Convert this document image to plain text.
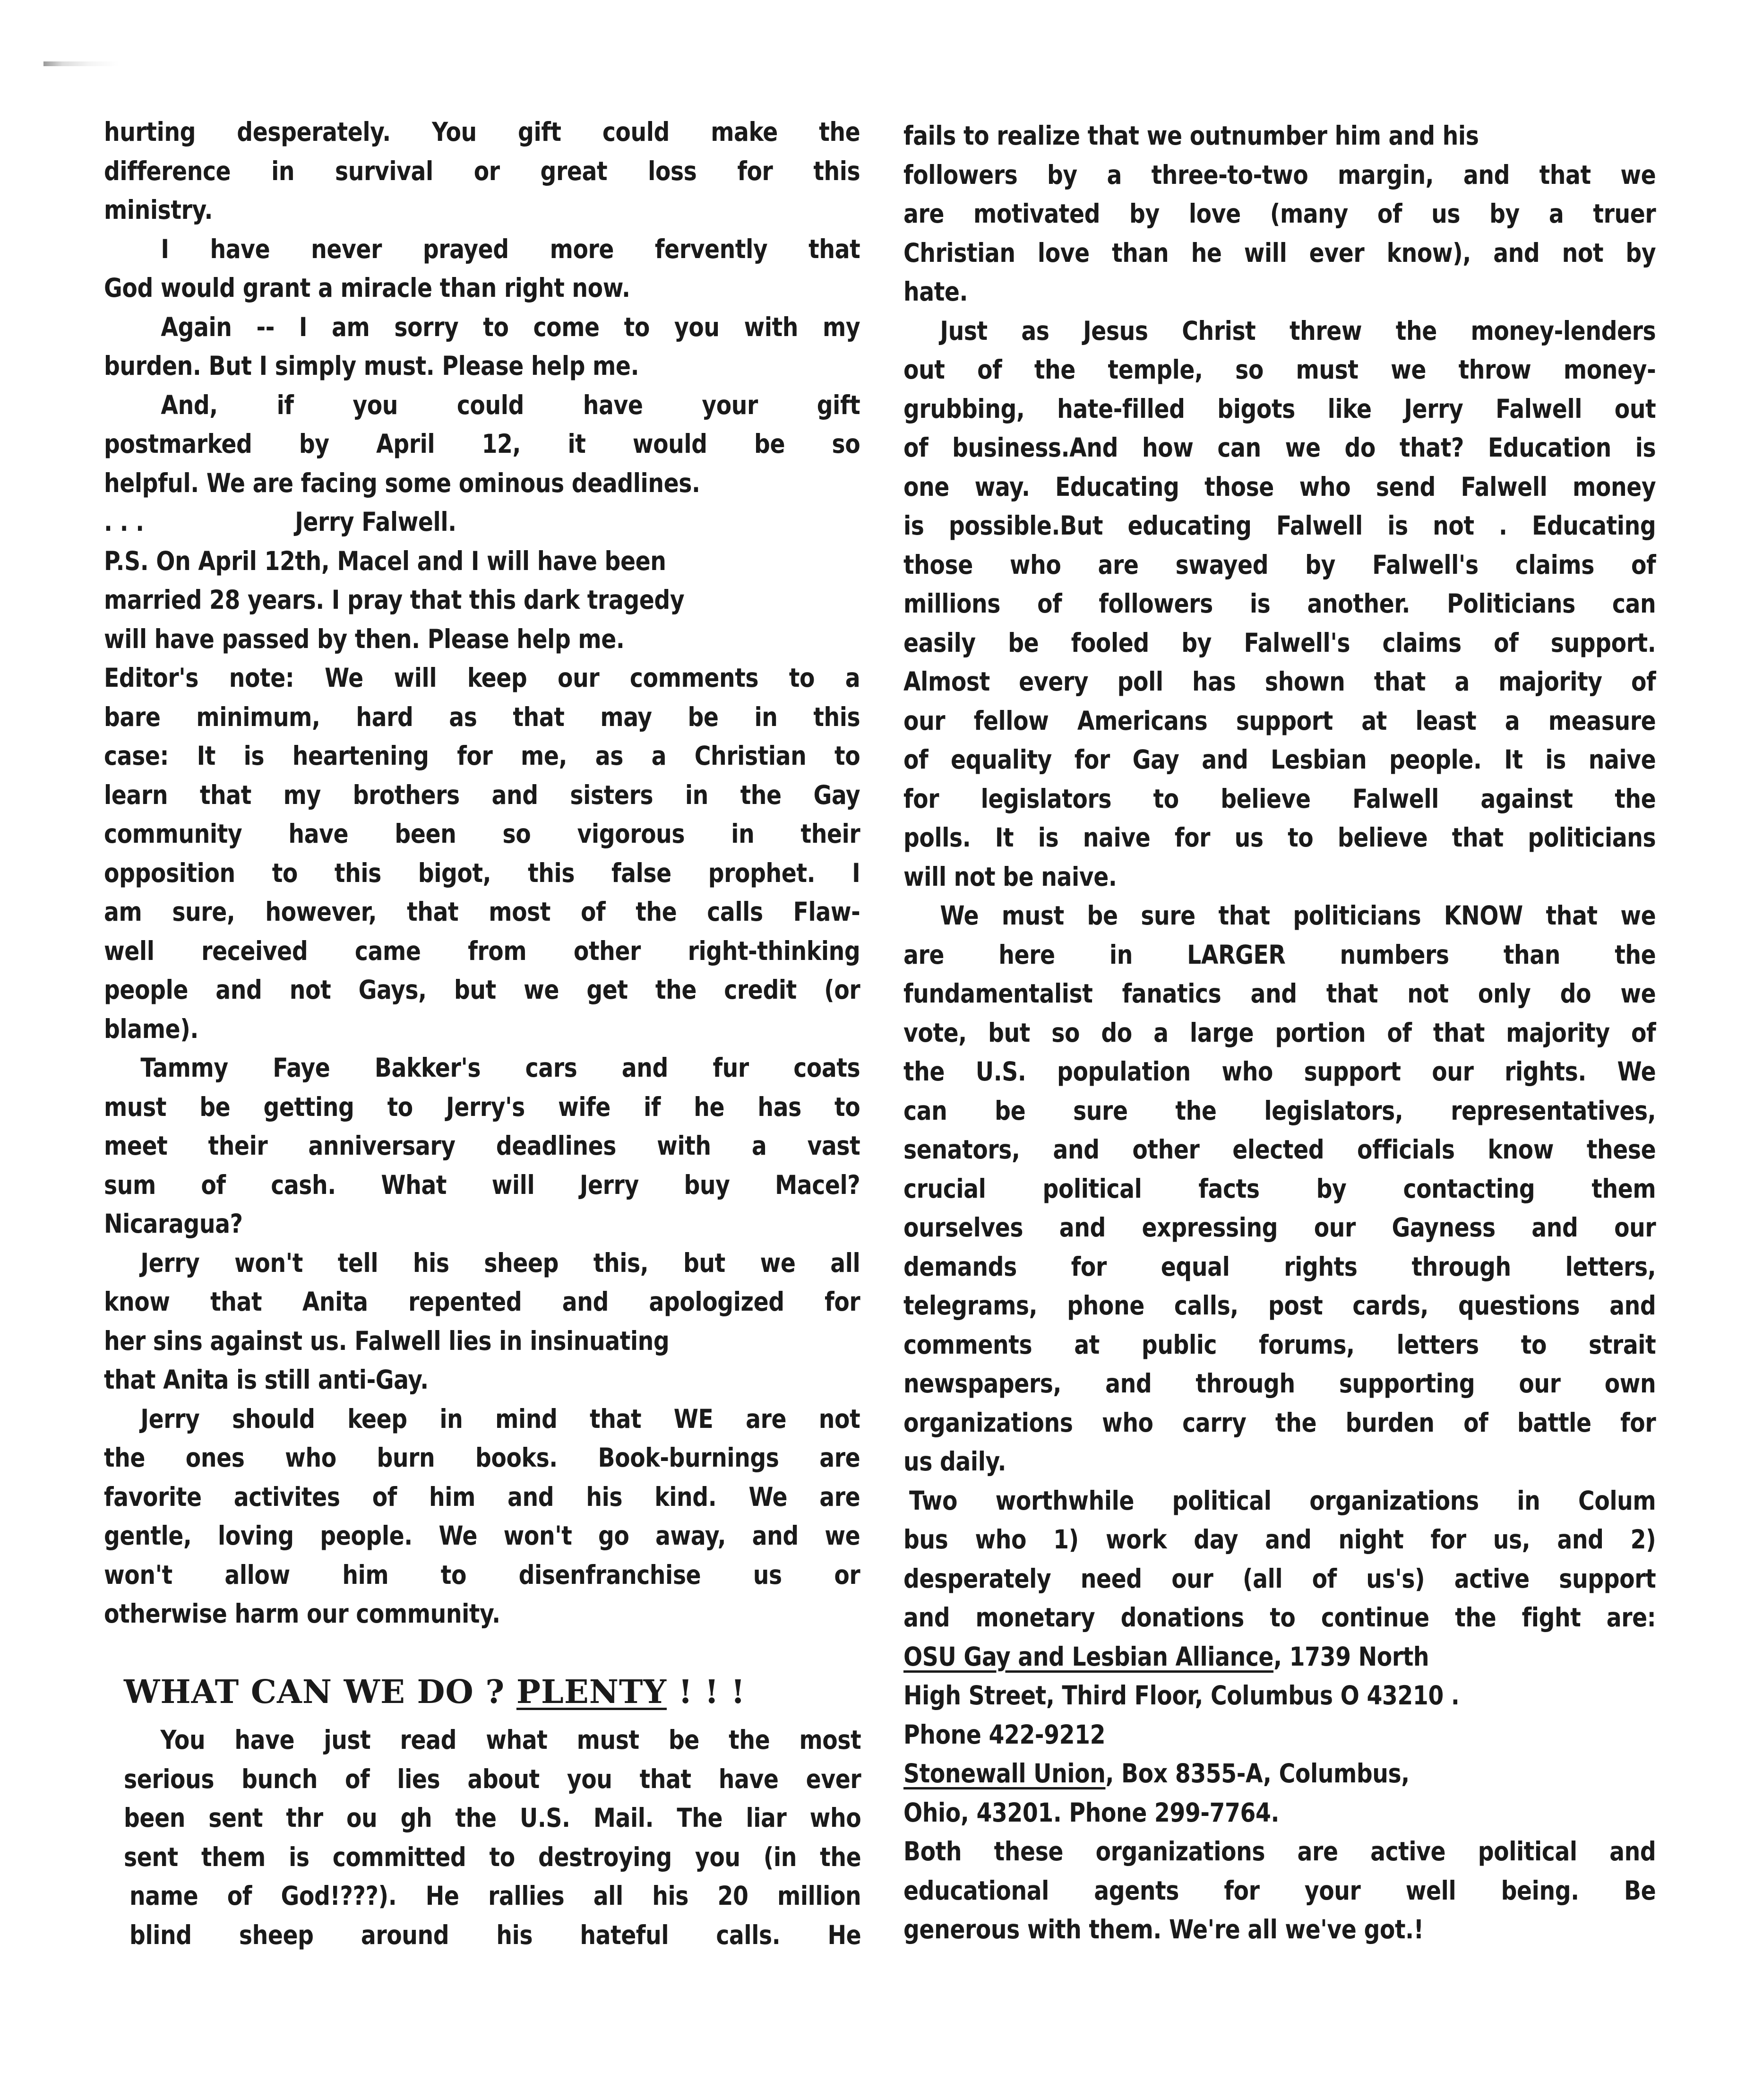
hurting desperately. You gift could make the
difference in survival or great loss for this
ministry.
I have never prayed more fervently that
God would grant a miracle than right now.
Again -- I am sorry to come to you with my
burden. But I simply must. Please help me.
And, if you could have your gift
postmarked by April 12, it would be so
helpful. We are facing some ominous deadlines.
. . .	Jerry Falwell.
P.S. On April 12th, Macel and I will have been
married 28 years. I pray that this dark tragedy
will have passed by then. Please help me.
Editor's note: We will keep our comments to a
bare minimum, hard as that may be in this
case: It is heartening for me, as a Christian to
learn that my brothers and sisters in the Gay
community have been so vigorous in their
opposition to this bigot, this false prophet. I
am sure, however, that most of the calls Flaw-
well received came from other right-thinking
people and not Gays, but we get the credit (or
blame).
Tammy Faye Bakker's cars and fur coats
must be getting to Jerry's wife if he has to
meet their anniversary deadlines with a vast
sum of cash. What will Jerry buy Macel?
Nicaragua?
Jerry won't tell his sheep this, but we all
know that Anita repented and apologized for
her sins against us. Falwell lies in insinuating
that Anita is still anti-Gay.
Jerry should keep in mind that WE are not
the ones who burn books. Book-burnings are
favorite activites of him and his kind. We are
gentle, loving people. We won't go away, and we
won't allow him to disenfranchise us or
otherwise harm our community.
WHAT CAN WE DO ? PLENTY ! ! !
You have just read what must be the most
serious bunch of lies about you that have ever
been sent thr ou gh the U.S. Mail. The liar who
sent them is committed to destroying you (in the
name of God!???). He rallies all his 20 million
blind sheep around his hateful calls. He
fails to realize that we outnumber him and his
followers by a three-to-two margin, and that we
are motivated by love (many of us by a truer
Christian love than he will ever know), and not by
hate.
Just as Jesus Christ threw the money-lenders
out of the temple, so must we throw money-
grubbing, hate-filled bigots like Jerry Falwell out
of business.And how can we do that? Education is
one way. Educating those who send Falwell money
is possible.But educating Falwell is not . Educating
those who are swayed by Falwell's claims of
millions of followers is another. Politicians can
easily be fooled by Falwell's claims of support.
Almost every poll has shown that a majority of
our fellow Americans support at least a measure
of equality for Gay and Lesbian people. It is naive
for legislators to believe Falwell against the
polls. It is naive for us to believe that politicians
will not be naive.
We must be sure that politicians KNOW that we
are here in LARGER numbers than the
fundamentalist fanatics and that not only do we
vote, but so do a large portion of that majority of
the U.S. population who support our rights. We
can be sure the legislators, representatives,
senators, and other elected officials know these
crucial political facts by contacting them
ourselves and expressing our Gayness and our
demands for equal rights through letters,
telegrams, phone calls, post cards, questions and
comments at public forums, letters to strait
newspapers, and through supporting our own
organizations who carry the burden of battle for
us daily.
Two worthwhile political organizations in Colum
bus who 1) work day and night for us, and 2)
desperately need our (all of us's) active support
and monetary donations to continue the fight are:
OSU Gay and Lesbian Alliance, 1739 North
High Street, Third Floor, Columbus O 43210 .
Phone 422-9212
Stonewall Union, Box 8355-A, Columbus,
Ohio, 43201. Phone 299-7764.
Both these organizations are active political and
educational agents for your well being. Be
generous with them. We're all we've got.!
